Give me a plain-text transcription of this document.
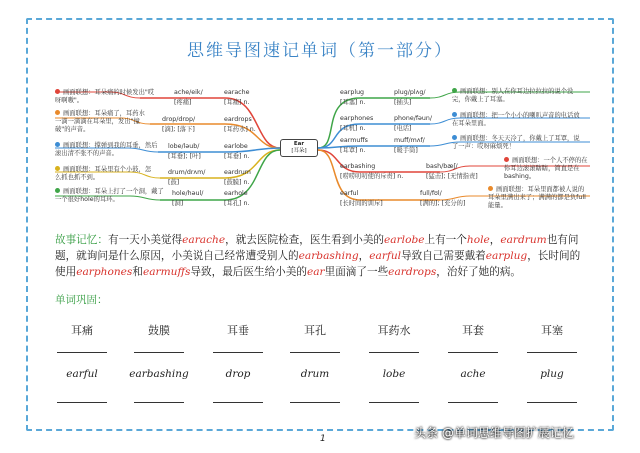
思维导图速记单词（第一部分）
Ear
[耳朵]
画面联想：耳朵痛的时候发出"哎呀啊嗷"。
ache/eik/
[疼痛]
earache
[耳痛] n.
画面联想：耳朵痛了，耳药水一滴一滴滴在耳朵里，发出"撞破"的声音。
drop/drɒp/
[滴]; [落下]
eardrops
[耳药水] n.
画面联想：撑弹到我的耳垂，然后滚出清不张不的声音。
lobe/ləub/
[耳垂]; [叶]
earlobe
[耳垂] n.
画面联想：耳朵里有个小鼓，怎么抓也抓不到。
drum/drʌm/
[鼓]
eardrum
[鼓膜] n.
画面联想：耳朵上打了一个洞，戴了一个很好hole的耳环。
hole/həul/
[洞]
earhole
[耳孔] n.
earplug
[耳塞] n.
plug/plʌg/
[插头]
画面联想：别人在你耳边拉拉拉的说个没完，你戴上了耳塞。
earphones
[耳机] n.
phone/fəun/
[电话]
画面联想：把一个小小的喇叭声音的电话放在耳朵里面。
earmuffs
[耳罩] n.
muff/mʌf/
[暖手筒]
画面联想：冬天天冷了，你戴上了耳罩，说了一声：哎呀麻烦死！
earbashing
[唠唠叨叨使的斥责] n.
bash/bæʃ/
[猛击]; [无情指责]
画面联想：一个人不停的在你耳边滚滚瞎瞎，简直是在bashing。
earful
[长时间的训斥]
full/fʊl/
[满的]; [充分的]
画面联想：耳朵里面都被人说的耳朵里满出来了；满满的都是负full能量。
故事记忆：有一天小美觉得earache，就去医院检查，医生看到小美的earlobe上有一个hole，eardrum也有问题，就询问是什么原因，小美说自己经常遭受别人的earbashing，earful导致自己需要戴着earplug，长时间的使用earphones和earmuffs导致，最后医生给小美的ear里面滴了一些eardrops，治好了她的病。
单词巩固：
耳痛	鼓膜	耳垂	耳孔	耳药水	耳套	耳塞
earful	earbashing	drop	drum	lobe	ache	plug
1	头条 @单词思维导图扩展记忆
